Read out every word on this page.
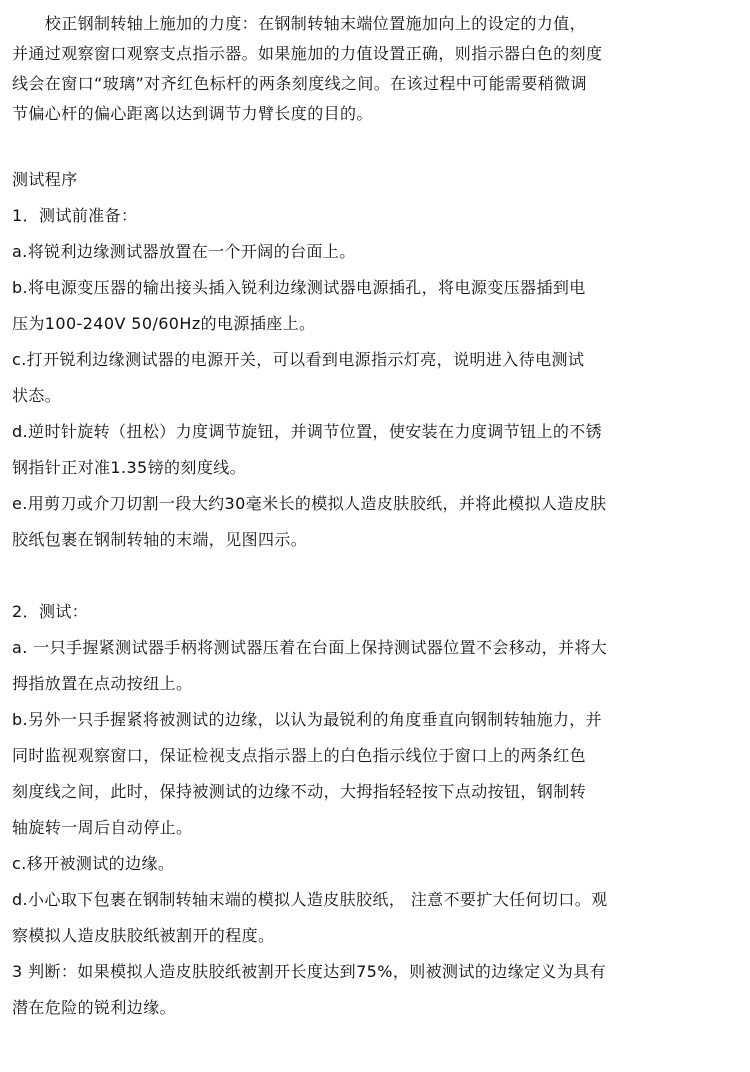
　　校正钢制转轴上施加的力度：在钢制转轴末端位置施加向上的设定的力值，
并通过观察窗口观察支点指示器。如果施加的力值设置正确，则指示器白色的刻度
线会在窗口“玻璃”对齐红色标杆的两条刻度线之间。在该过程中可能需要稍微调
节偏心杆的偏心距离以达到调节力臂长度的目的。
测试程序
1．测试前准备：
a.将锐利边缘测试器放置在一个开阔的台面上。
b.将电源变压器的输出接头插入锐利边缘测试器电源插孔，将电源变压器插到电
压为100-240V 50/60Hz的电源插座上。
c.打开锐利边缘测试器的电源开关，可以看到电源指示灯亮，说明进入待电测试
状态。
d.逆时针旋转（扭松）力度调节旋钮，并调节位置，使安装在力度调节钮上的不锈
钢指针正对准1.35镑的刻度线。
e.用剪刀或介刀切割一段大约30毫米长的模拟人造皮肤胶纸，并将此模拟人造皮肤
胶纸包裹在钢制转轴的末端，见图四示。
2．测试：
a. 一只手握紧测试器手柄将测试器压着在台面上保持测试器位置不会移动，并将大
拇指放置在点动按纽上。
b.另外一只手握紧将被测试的边缘，以认为最锐利的角度垂直向钢制转轴施力，并
同时监视观察窗口，保证检视支点指示器上的白色指示线位于窗口上的两条红色
刻度线之间，此时，保持被测试的边缘不动，大拇指轻轻按下点动按钮，钢制转
轴旋转一周后自动停止。
c.移开被测试的边缘。
d.小心取下包裹在钢制转轴末端的模拟人造皮肤胶纸， 注意不要扩大任何切口。观
察模拟人造皮肤胶纸被割开的程度。
3 判断：如果模拟人造皮肤胶纸被割开长度达到75%，则被测试的边缘定义为具有
潜在危险的锐利边缘。
